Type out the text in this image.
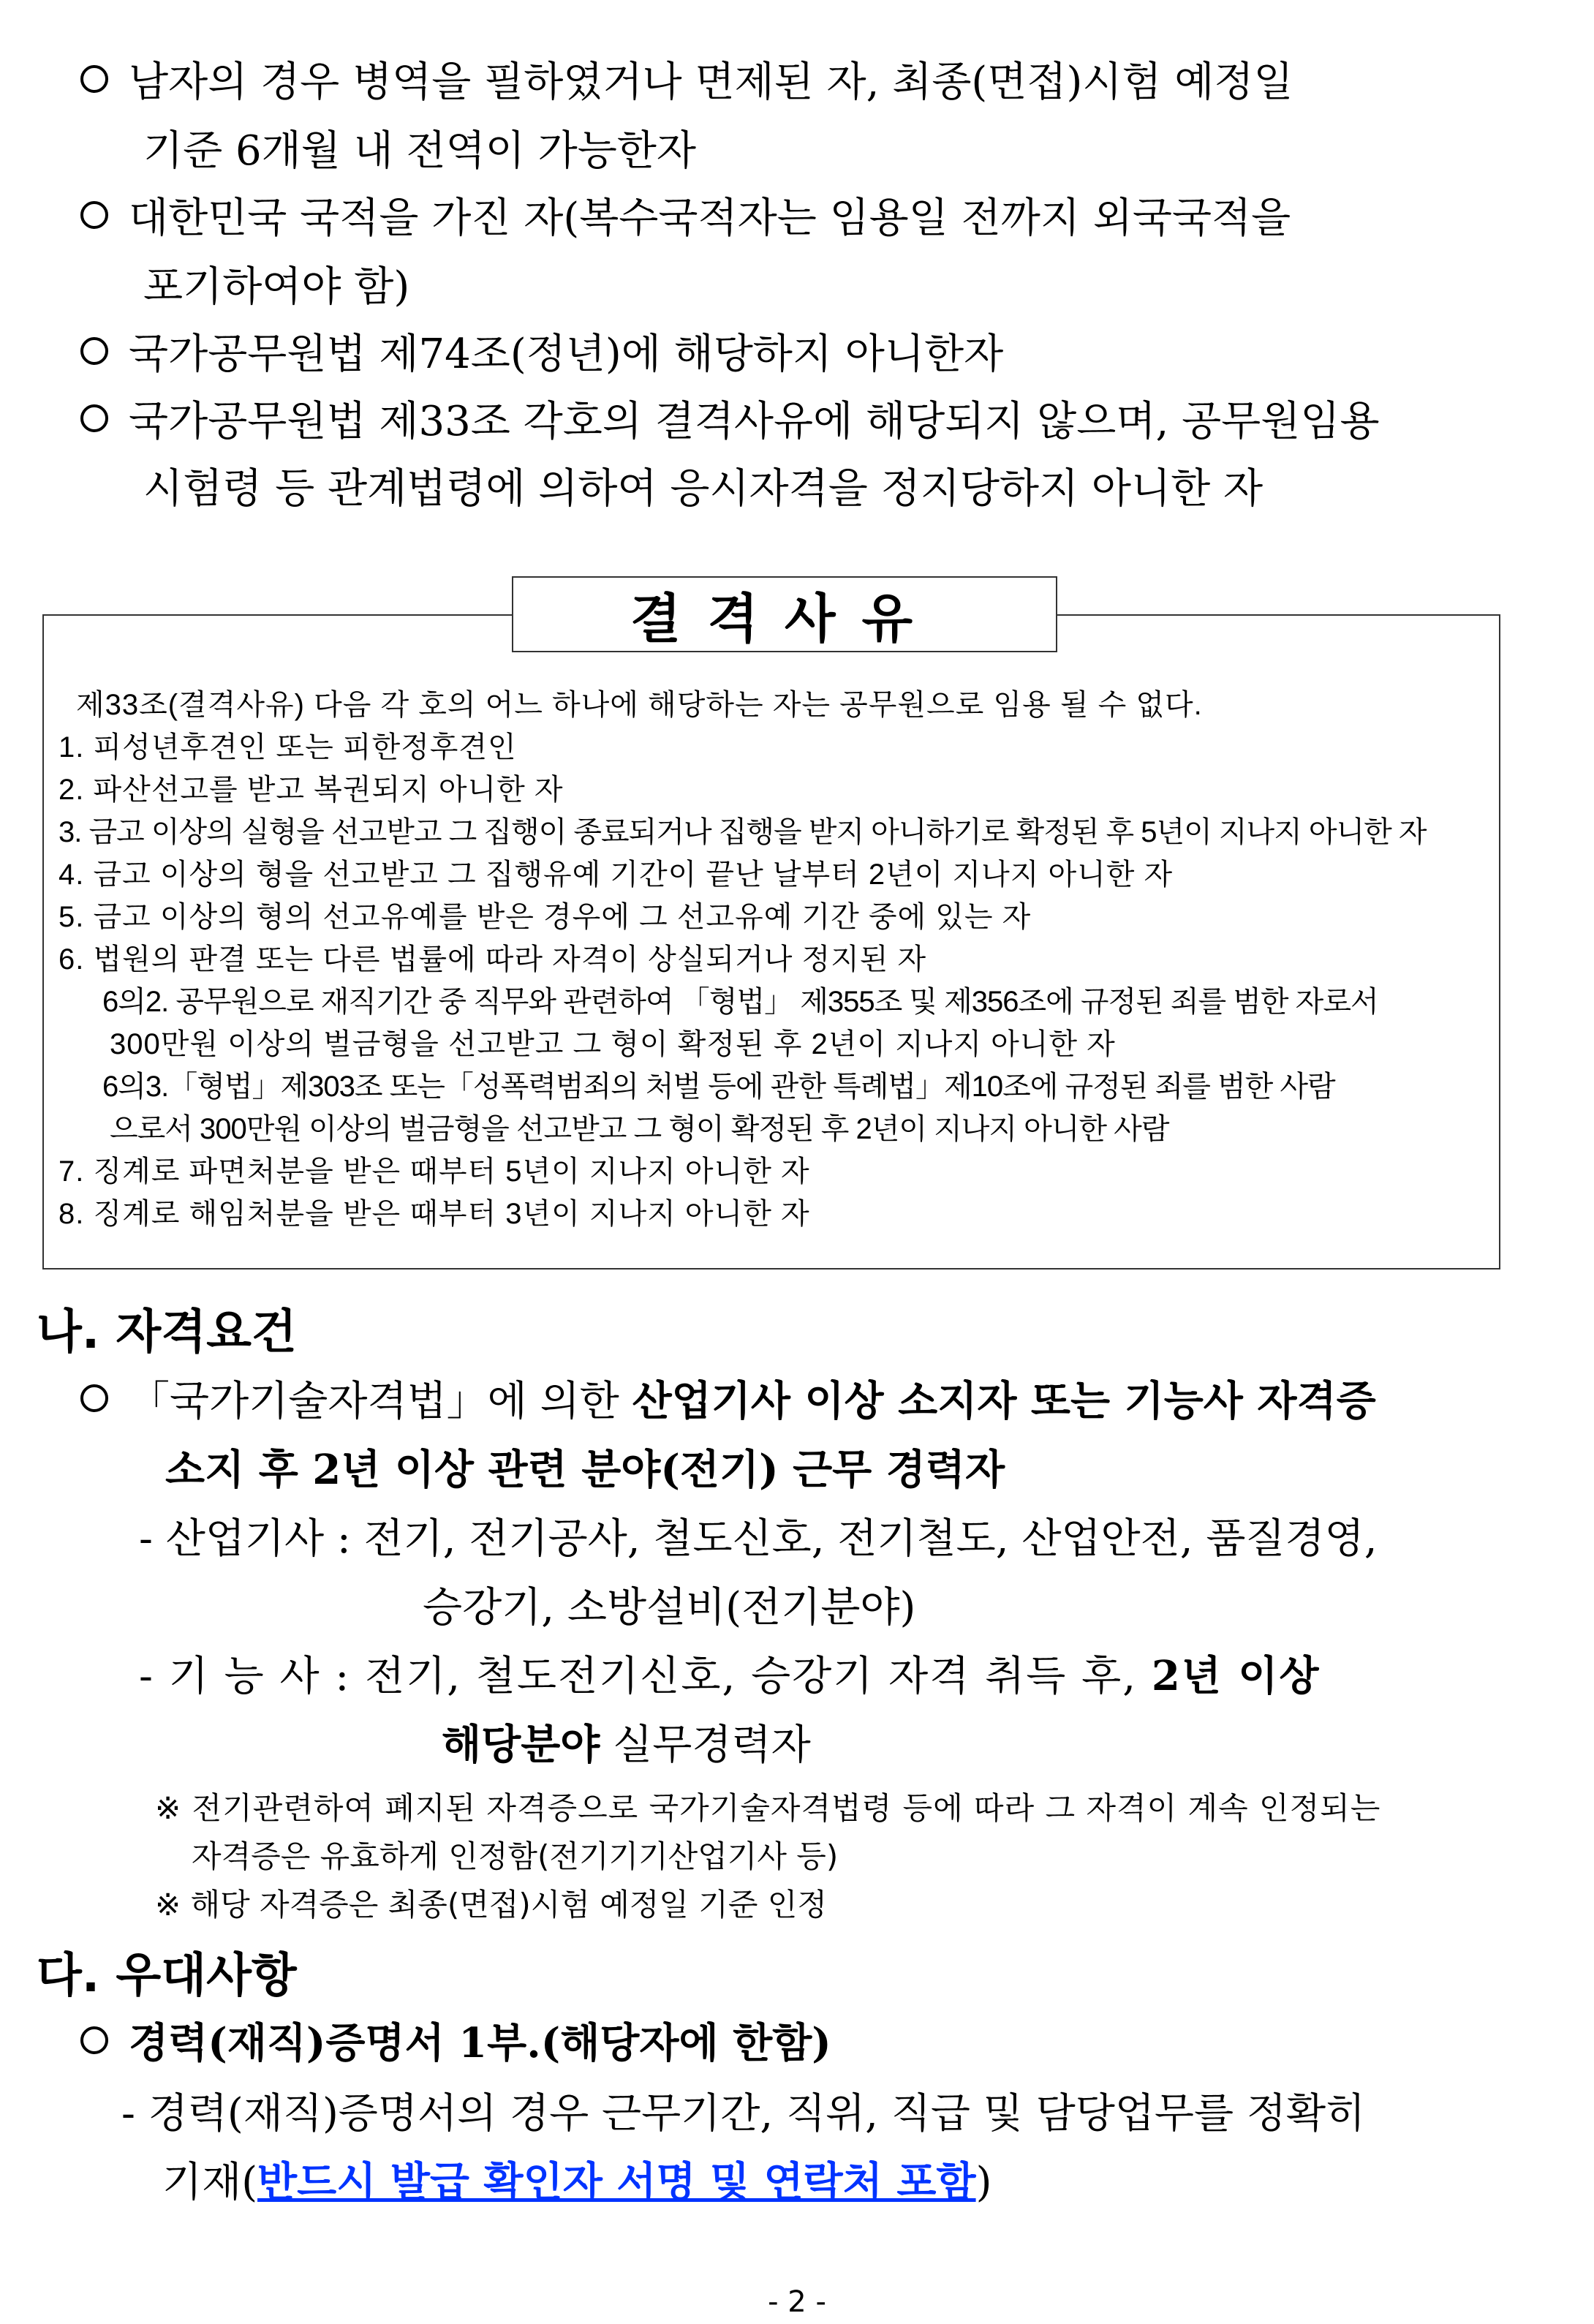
남자의 경우 병역을 필하였거나 면제된 자, 최종(면접)시험 예정일
기준 6개월 내 전역이 가능한자
대한민국 국적을 가진 자(복수국적자는 임용일 전까지 외국국적을
포기하여야 함)
국가공무원법 제74조(정년)에 해당하지 아니한자
국가공무원법 제33조 각호의 결격사유에 해당되지 않으며, 공무원임용
시험령 등 관계법령에 의하여 응시자격을 정지당하지 아니한 자
결격사유
제33조(결격사유) 다음 각 호의 어느 하나에 해당하는 자는 공무원으로 임용 될 수 없다.
1. 피성년후견인 또는 피한정후견인
2. 파산선고를 받고 복권되지 아니한 자
3. 금고 이상의 실형을 선고받고 그 집행이 종료되거나 집행을 받지 아니하기로 확정된 후 5년이 지나지 아니한 자
4. 금고 이상의 형을 선고받고 그 집행유예 기간이 끝난 날부터 2년이 지나지 아니한 자
5. 금고 이상의 형의 선고유예를 받은 경우에 그 선고유예 기간 중에 있는 자
6. 법원의 판결 또는 다른 법률에 따라 자격이 상실되거나 정지된 자
6의2. 공무원으로 재직기간 중 직무와 관련하여 「형법」 제355조 및 제356조에 규정된 죄를 범한 자로서
300만원 이상의 벌금형을 선고받고 그 형이 확정된 후 2년이 지나지 아니한 자
6의3.「형법」제303조 또는「성폭력범죄의 처벌 등에 관한 특례법」제10조에 규정된 죄를 범한 사람
으로서 300만원 이상의 벌금형을 선고받고 그 형이 확정된 후 2년이 지나지 아니한 사람
7. 징계로 파면처분을 받은 때부터 5년이 지나지 아니한 자
8. 징계로 해임처분을 받은 때부터 3년이 지나지 아니한 자
나. 자격요건
「국가기술자격법」에 의한 산업기사 이상 소지자 또는 기능사 자격증
소지 후 2년 이상 관련 분야(전기) 근무 경력자
- 산업기사 : 전기, 전기공사, 철도신호, 전기철도, 산업안전, 품질경영,
승강기, 소방설비(전기분야)
- 기 능 사 : 전기, 철도전기신호, 승강기 자격 취득 후, 2년 이상
해당분야 실무경력자
※ 전기관련하여 폐지된 자격증으로 국가기술자격법령 등에 따라 그 자격이 계속 인정되는
자격증은 유효하게 인정함(전기기기산업기사 등)
※ 해당 자격증은 최종(면접)시험 예정일 기준 인정
다. 우대사항
경력(재직)증명서 1부.(해당자에 한함)
- 경력(재직)증명서의 경우 근무기간, 직위, 직급 및 담당업무를 정확히
기재(반드시 발급 확인자 서명 및 연락처 포함)
- 2 -
